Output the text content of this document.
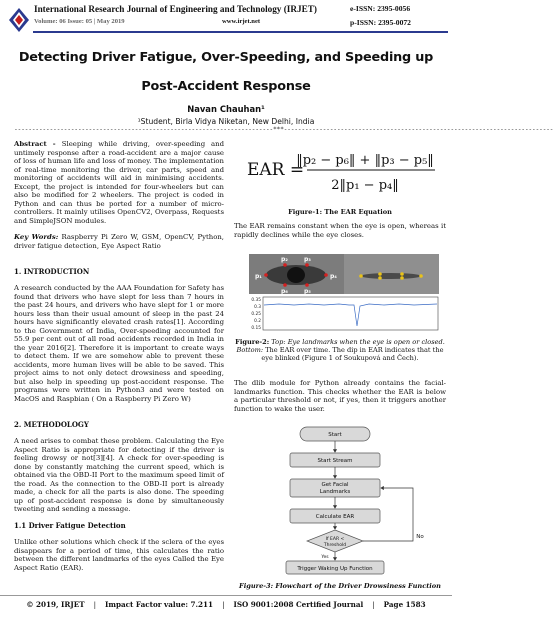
International Research Journal of Engineering and Technology (IRJET)	e-ISSN: 2395-0056
Volume: 06 Issue: 05 | May 2019	www.irjet.net	p-ISSN: 2395-0072
Detecting Driver Fatigue, Over-Speeding, and Speeding up
Post-Accident Response
Navan Chauhan¹
¹Student, Birla Vidya Niketan, New Delhi, India
-------------------------------------------------------------------------***----------------------------------------------------------------------------
Abstract - Sleeping while driving, over-speeding and untimely response after a road-accident are a major cause of loss of human life and loss of money. The implementation of real-time monitoring the driver, car parts, speed and monitoring of accidents will aid in minimising accidents. Except, the project is intended for four-wheelers but can also be modified for 2 wheelers. The project is coded in Python and can thus be ported for a number of micro-controllers. It mainly utilises OpenCV2, Overpass, Requests and SimpleJSON modules.
Key Words: Raspberry Pi Zero W, GSM, OpenCV, Python, driver fatigue detection, Eye Aspect Ratio
1. INTRODUCTION
A research conducted by the AAA Foundation for Safety has found that drivers who have slept for less than 7 hours in the past 24 hours, and drivers who have slept for 1 or more hours less than their usual amount of sleep in the past 24 hours have significantly elevated crash rates[1]. According to the Government of India, Over-speeding accounted for 55.9 per cent out of all road accidents recorded in India in the year 2016[2]. Therefore it is important to create ways to detect them. If we are somehow able to prevent these accidents, more human lives will be able to be saved. This project aims to not only detect drowsiness and speeding, but also help in speeding up post-accident response. The programs were written in Python3 and were tested on MacOS and Raspbian ( On a Raspberry Pi Zero W)
2. METHODOLOGY
A need arises to combat these problem. Calculating the Eye Aspect Ratio is appropriate for detecting if the driver is feeling drowsy or not[3][4]. A check for over-speeding is done by constantly matching the current speed, which is obtained via the OBD-II Port to the maximum speed limit of the road. As the connection to the OBD-II port is already made, a check for all the parts is also done. The speeding up of post-accident response is done by simultaneously tweeting and sending a message.
1.1 Driver Fatigue Detection
Unlike other solutions which check if the sclera of the eyes disappears for a period of time, this calculates the ratio between the different landmarks of the eyes Called the Eye Aspect Ratio (EAR).
EAR =
‖p₂ − p₆‖ + ‖p₃ − p₅‖
2‖p₁ − p₄‖
Figure-1: The EAR Equation
The EAR remains constant when the eye is open, whereas it rapidly declines while the eye closes.
p₂	p₃
p₁	p₄
p₆	p₅
0.35
0.3
0.25
0.2
0.15
Figure-2: Top: Eye landmarks when the eye is open or closed. Bottom: The EAR over time. The dip in EAR indicates that the eye blinked (Figure 1 of Soukupová and Čech).
The dlib module for Python already contains the facial-landmarks function. This checks whether the EAR is below a particular threshold or not, if yes, then it triggers another function to wake the user.
Start
Start Stream
Get Facial
Landmarks
Calculate EAR
If EAR <
Threshold
No
Yes
Trigger Waking Up Function
Figure-3: Flowchart of the Driver Drowsiness Function
© 2019, IRJET | Impact Factor value: 7.211 | ISO 9001:2008 Certified Journal | Page 1583
